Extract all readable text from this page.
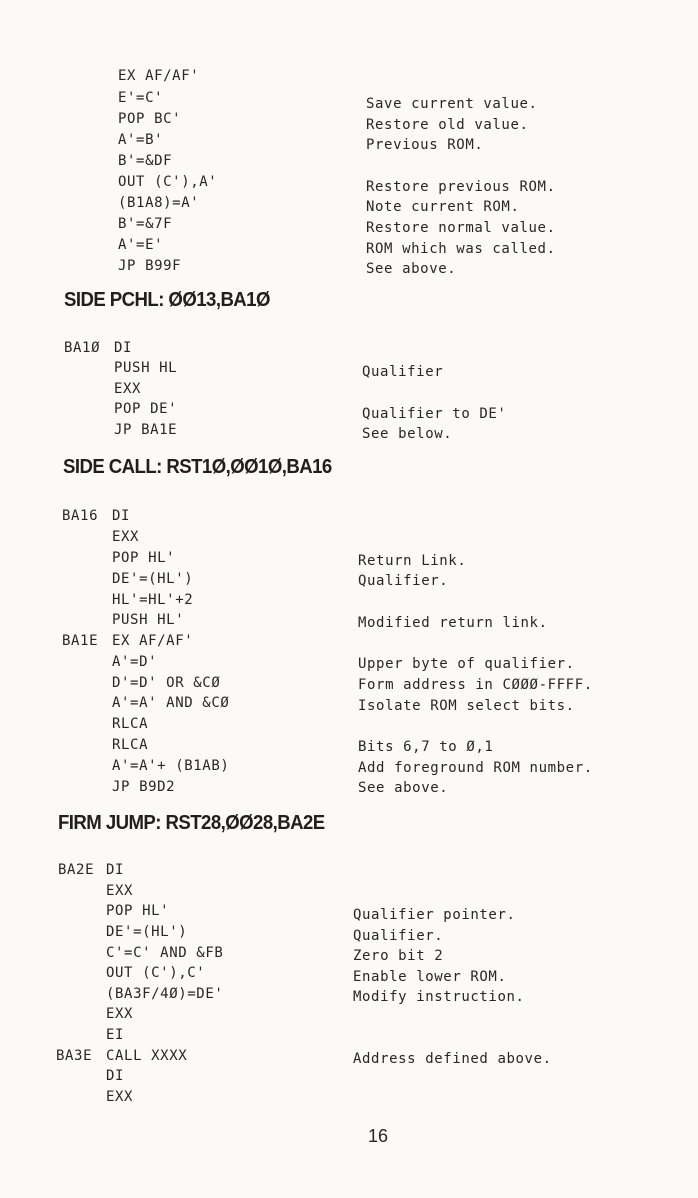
EX AF/AF'
E'=C'
POP BC'
A'=B'
B'=&DF
OUT (C'),A'
(B1A8)=A'
B'=&7F
A'=E'
JP B99F
Save current value.
Restore old value.
Previous ROM.
Restore previous ROM.
Note current ROM.
Restore normal value.
ROM which was called.
See above.
SIDE PCHL: ØØ13,BA1Ø
BA1Ø DI
PUSH HL
EXX
POP DE'
JP BA1E
Qualifier
Qualifier to DE'
See below.
SIDE CALL: RST1Ø,ØØ1Ø,BA16
BA16 DI
EXX
POP HL'
DE'=(HL')
HL'=HL'+2
PUSH HL'
BA1E EX AF/AF'
A'=D'
D'=D' OR &CØ
A'=A' AND &CØ
RLCA
RLCA
A'=A'+ (B1AB)
JP B9D2
Return Link.
Qualifier.
Modified return link.
Upper byte of qualifier.
Form address in CØØØ-FFFF.
Isolate ROM select bits.
Bits 6,7 to Ø,1
Add foreground ROM number.
See above.
FIRM JUMP: RST28,ØØ28,BA2E
BA2E DI
EXX
POP HL'
DE'=(HL')
C'=C' AND &FB
OUT (C'),C'
(BA3F/4Ø)=DE'
EXX
EI
BA3E CALL XXXX
DI
EXX
Qualifier pointer.
Qualifier.
Zero bit 2
Enable lower ROM.
Modify instruction.
Address defined above.
16
